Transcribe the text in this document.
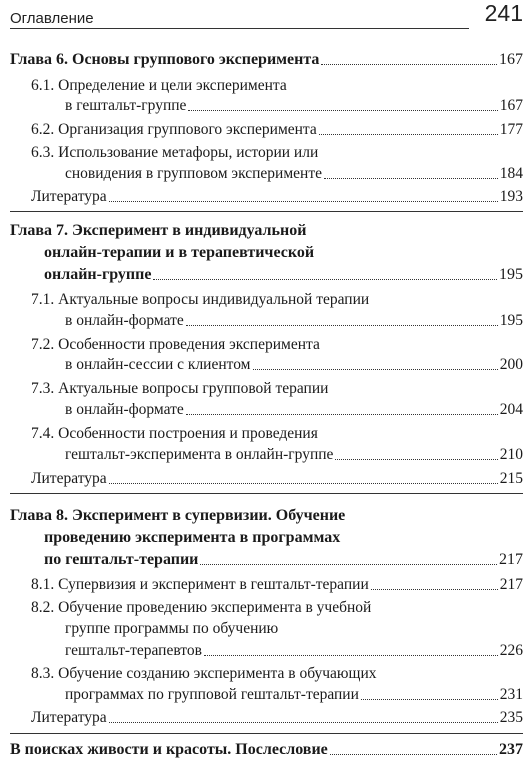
Оглавление	241
Глава 6. Основы группового эксперимента	167
6.1. Определение и цели эксперимента
в гештальт-группе	167
6.2. Организация группового эксперимента	177
6.3. Использование метафоры, истории или
сновидения в групповом эксперименте	184
Литература	193
Глава 7. Эксперимент в индивидуальной
онлайн-терапии и в терапевтической
онлайн-группе	195
7.1. Актуальные вопросы индивидуальной терапии
в онлайн-формате	195
7.2. Особенности проведения эксперимента
в онлайн-сессии с клиентом	200
7.3. Актуальные вопросы групповой терапии
в онлайн-формате	204
7.4. Особенности построения и проведения
гештальт-эксперимента в онлайн-группе	210
Литература	215
Глава 8. Эксперимент в супервизии. Обучение
проведению эксперимента в программах
по гештальт-терапии	217
8.1. Супервизия и эксперимент в гештальт-терапии	217
8.2. Обучение проведению эксперимента в учебной
группе программы по обучению
гештальт-терапевтов	226
8.3. Обучение созданию эксперимента в обучающих
программах по групповой гештальт-терапии	231
Литература	235
В поисках живости и красоты. Послесловие	237
